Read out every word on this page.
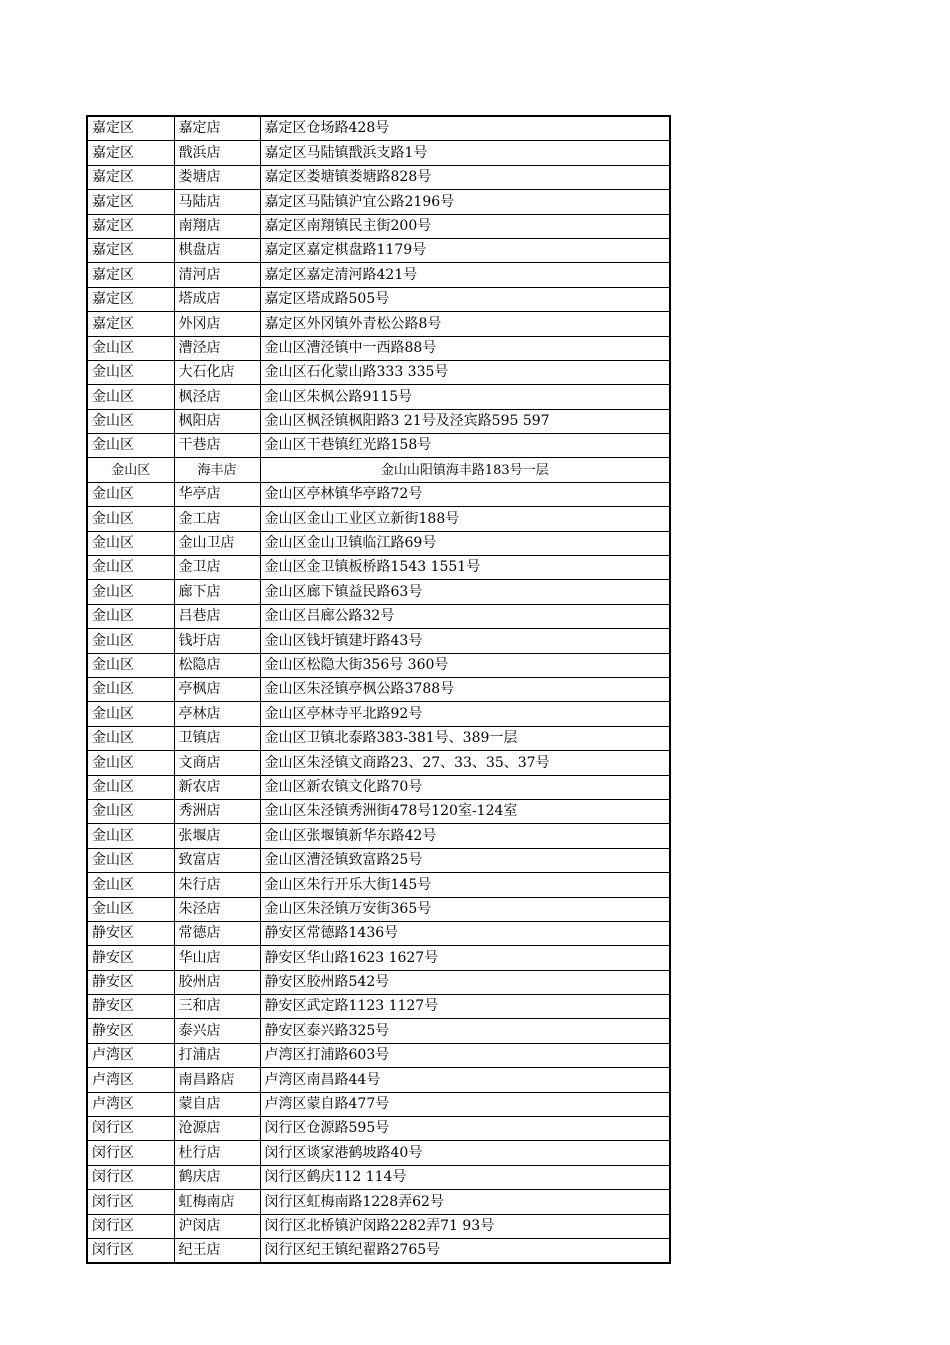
嘉定区	嘉定店	嘉定区仓场路428号
嘉定区	戬浜店	嘉定区马陆镇戬浜支路1号
嘉定区	娄塘店	嘉定区娄塘镇娄塘路828号
嘉定区	马陆店	嘉定区马陆镇沪宜公路2196号
嘉定区	南翔店	嘉定区南翔镇民主街200号
嘉定区	棋盘店	嘉定区嘉定棋盘路1179号
嘉定区	清河店	嘉定区嘉定清河路421号
嘉定区	塔成店	嘉定区塔成路505号
嘉定区	外冈店	嘉定区外冈镇外青松公路8号
金山区	漕泾店	金山区漕泾镇中一西路88号
金山区	大石化店	金山区石化蒙山路333 335号
金山区	枫泾店	金山区朱枫公路9115号
金山区	枫阳店	金山区枫泾镇枫阳路3 21号及泾宾路595 597
金山区	干巷店	金山区干巷镇红光路158号
金山区	海丰店	金山山阳镇海丰路183号一层
金山区	华亭店	金山区亭林镇华亭路72号
金山区	金工店	金山区金山工业区立新街188号
金山区	金山卫店	金山区金山卫镇临江路69号
金山区	金卫店	金山区金卫镇板桥路1543 1551号
金山区	廊下店	金山区廊下镇益民路63号
金山区	吕巷店	金山区吕廊公路32号
金山区	钱圩店	金山区钱圩镇建圩路43号
金山区	松隐店	金山区松隐大街356号 360号
金山区	亭枫店	金山区朱泾镇亭枫公路3788号
金山区	亭林店	金山区亭林寺平北路92号
金山区	卫镇店	金山区卫镇北泰路383-381号、389一层
金山区	文商店	金山区朱泾镇文商路23、27、33、35、37号
金山区	新农店	金山区新农镇文化路70号
金山区	秀洲店	金山区朱泾镇秀洲街478号120室-124室
金山区	张堰店	金山区张堰镇新华东路42号
金山区	致富店	金山区漕泾镇致富路25号
金山区	朱行店	金山区朱行开乐大街145号
金山区	朱泾店	金山区朱泾镇万安街365号
静安区	常德店	静安区常德路1436号
静安区	华山店	静安区华山路1623 1627号
静安区	胶州店	静安区胶州路542号
静安区	三和店	静安区武定路1123 1127号
静安区	泰兴店	静安区泰兴路325号
卢湾区	打浦店	卢湾区打浦路603号
卢湾区	南昌路店	卢湾区南昌路44号
卢湾区	蒙自店	卢湾区蒙自路477号
闵行区	沧源店	闵行区仓源路595号
闵行区	杜行店	闵行区谈家港鹤坡路40号
闵行区	鹤庆店	闵行区鹤庆112 114号
闵行区	虹梅南店	闵行区虹梅南路1228弄62号
闵行区	沪闵店	闵行区北桥镇沪闵路2282弄71 93号
闵行区	纪王店	闵行区纪王镇纪翟路2765号
